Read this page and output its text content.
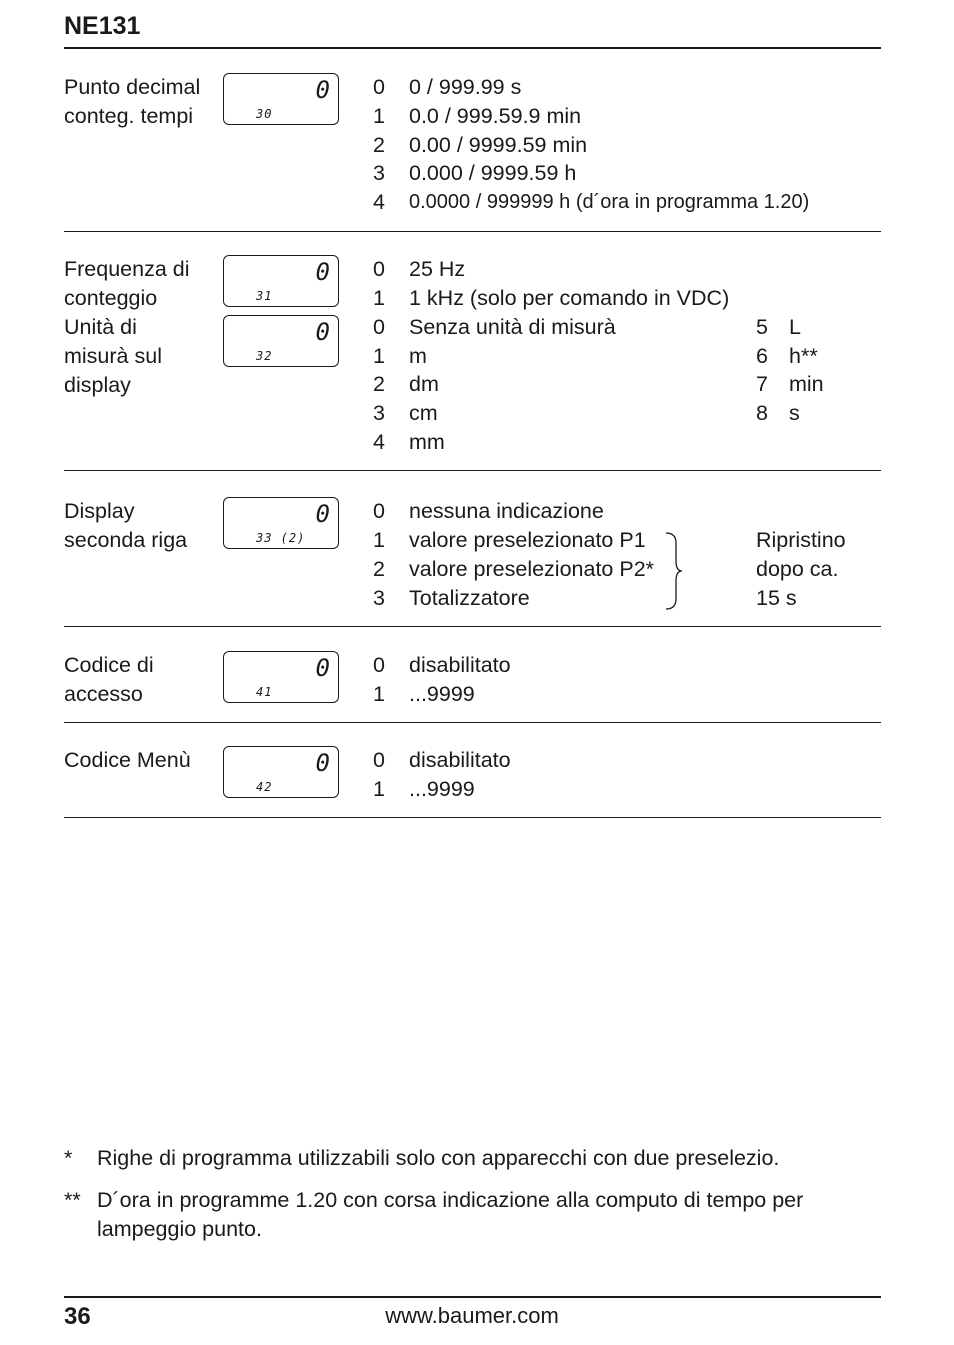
NE131
Punto decimal
conteg. tempi
0
30
0 0 / 999.99 s
1 0.0 / 999.59.9 min
2 0.00 / 9999.59 min
3 0.000 / 9999.59 h
4 0.0000 / 999999 h (d´ora in programma 1.20)
Frequenza di
conteggio
Unità di
misurà sul
display
0
31
0
32
0 25 Hz
1 1 kHz (solo per comando in VDC)
0 Senza unità di misurà
1 m
2 dm
3 cm
4 mm
5 L
6 h**
7 min
8 s
Display
seconda riga
0
33 (2)
0 nessuna indicazione
1 valore preselezionato P1
2 valore preselezionato P2*
3 Totalizzatore
Ripristino
dopo ca.
15 s
Codice di
accesso
0
41
0 disabilitato
1 ...9999
Codice Menù	0
42
0 disabilitato
1 ...9999
* Righe di programma utilizzabili solo con apparecchi con due preselezio.
** D´ora in programme 1.20 con corsa indicazione alla computo di tempo per lampeggio punto.
36	www.baumer.com
